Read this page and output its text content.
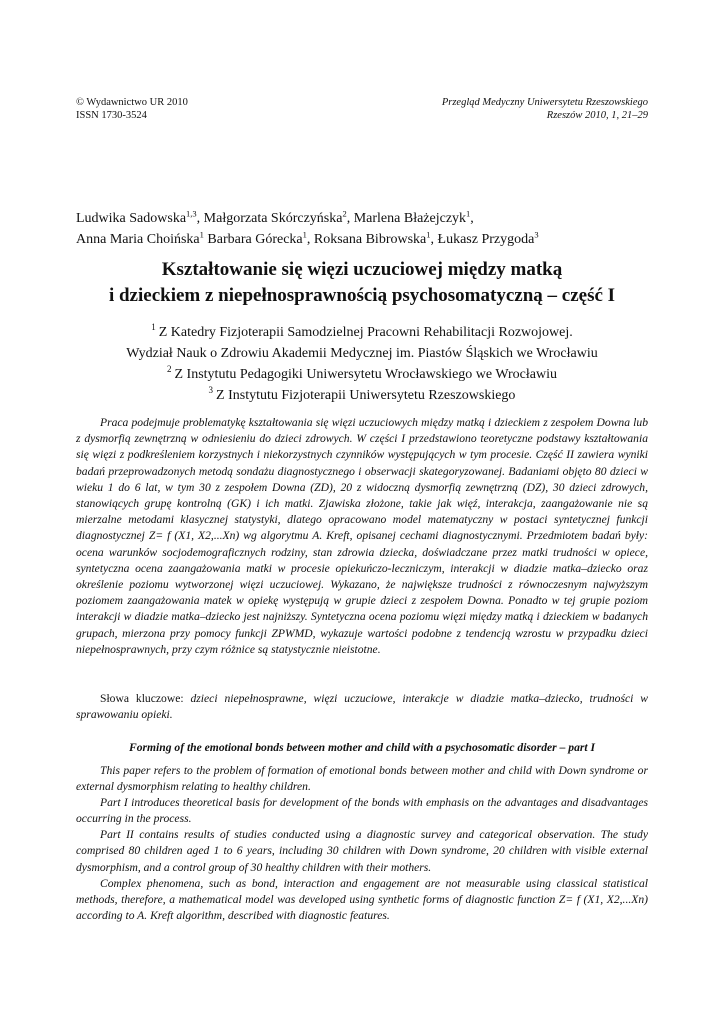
© Wydawnictwo UR 2010
ISSN 1730-3524
Przegląd Medyczny Uniwersytetu Rzeszowskiego
Rzeszów 2010, 1, 21–29
Ludwika Sadowska$^{1,3}$, Małgorzata Skórczyńska$^2$, Marlena Błażejczyk$^1$,
Anna Maria Choińska$^1$ Barbara Górecka$^1$, Roksana Bibrowska$^1$, Łukasz Przygoda$^3$
Kształtowanie się więzi uczuciowej między matką
i dzieckiem z niepełnosprawnością psychosomatyczną – część I
$^1$ Z Katedry Fizjoterapii Samodzielnej Pracowni Rehabilitacji Rozwojowej.
Wydział Nauk o Zdrowiu Akademii Medycznej im. Piastów Śląskich we Wrocławiu
$^2$ Z Instytutu Pedagogiki Uniwersytetu Wrocławskiego we Wrocławiu
$^3$ Z Instytutu Fizjoterapii Uniwersytetu Rzeszowskiego

Praca podejmuje problematykę kształtowania się więzi uczuciowych między matką i dzieckiem z zespołem Downa lub z dysmorfią zewnętrzną w odniesieniu do dzieci zdrowych. W części I przedstawiono teoretyczne podstawy kształtowania się więzi z podkreśleniem korzystnych i niekorzystnych czynników występujących w tym procesie. Część II zawiera wyniki badań przeprowadzonych metodą sondażu diagnostycznego i obserwacji skategoryzowanej. Badaniami objęto 80 dzieci w wieku 1 do 6 lat, w tym 30 z zespołem Downa (ZD), 20 z widoczną dysmorfią zewnętrzną (DZ), 30 dzieci zdrowych, stanowiących grupę kontrolną (GK) i ich matki. Zjawiska złożone, takie jak więź, interakcja, zaangażowanie nie są mierzalne metodami klasycznej statystyki, dlatego opracowano model matematyczny w postaci syntetycznej funkcji diagnostycznej Z= f (X1, X2,...Xn) wg algorytmu A. Kreft, opisanej cechami diagnostycznymi. Przedmiotem badań były: ocena warunków socjodemograficznych rodziny, stan zdrowia dziecka, doświadczane przez matki trudności w opiece, syntetyczna ocena zaangażowania matki w procesie opiekuńczo-leczniczym, interakcji w diadzie matka–dziecko oraz określenie poziomu wytworzonej więzi uczuciowej. Wykazano, że największe trudności z równoczesnym najwyższym poziomem zaangażowania matek w opiekę występują w grupie dzieci z zespołem Downa. Ponadto w tej grupie poziom interakcji w diadzie matka–dziecko jest najniższy. Syntetyczna ocena poziomu więzi między matką i dzieckiem w badanych grupach, mierzona przy pomocy funkcji ZPWMD, wykazuje wartości podobne z tendencją wzrostu w przypadku dzieci niepełnosprawnych, przy czym różnice są statystycznie nieistotne.

Słowa kluczowe: dzieci niepełnosprawne, więzi uczuciowe, interakcje w diadzie matka–dziecko, trudności w sprawowaniu opieki.
Forming of the emotional bonds between mother and child with a psychosomatic disorder – part I

This paper refers to the problem of formation of emotional bonds between mother and child with Down syndrome or external dysmorphism relating to healthy children.

Part I introduces theoretical basis for development of the bonds with emphasis on the advantages and disadvantages occurring in the process.

Part II contains results of studies conducted using a diagnostic survey and categorical observation. The study comprised 80 children aged 1 to 6 years, including 30 children with Down syndrome, 20 children with visible external dysmorphism, and a control group of 30 healthy children with their mothers.

Complex phenomena, such as bond, interaction and engagement are not measurable using classical statistical methods, therefore, a mathematical model was developed using synthetic forms of diagnostic function Z= f (X1, X2,...Xn) according to A. Kreft algorithm, described with diagnostic features.
